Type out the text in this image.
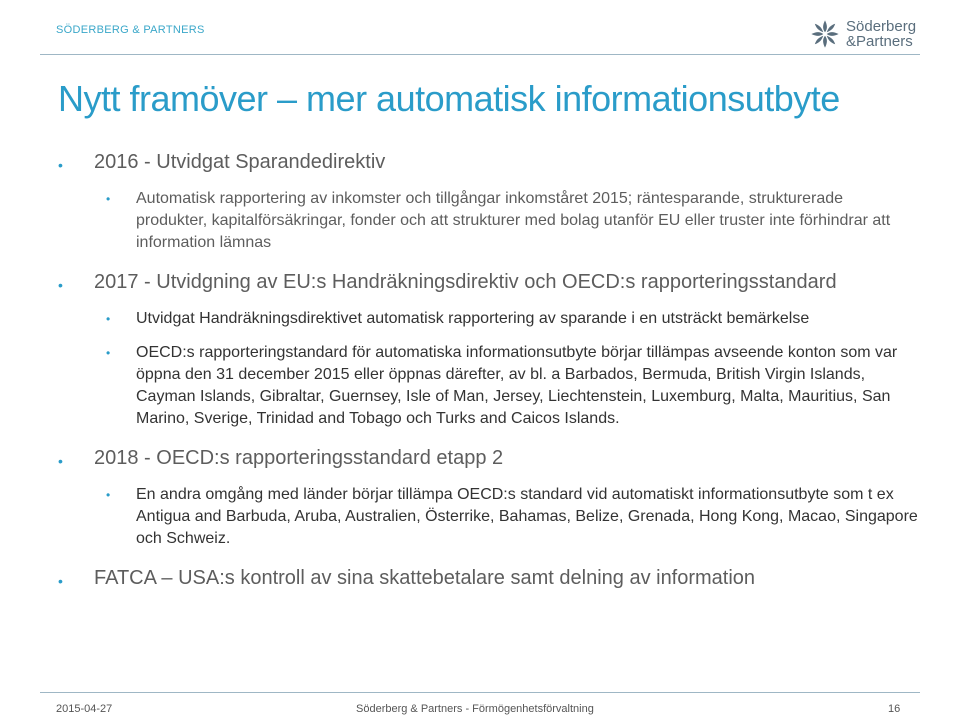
SÖDERBERG & PARTNERS	Söderberg
&Partners
Nytt framöver – mer automatisk informationsutbyte
• 2016 - Utvidgat Sparandedirektiv
• Automatisk rapportering av inkomster och tillgångar inkomståret 2015; räntesparande, strukturerade produkter, kapitalförsäkringar, fonder och att strukturer med bolag utanför EU eller truster inte förhindrar att information lämnas
• 2017 - Utvidgning av EU:s Handräkningsdirektiv och OECD:s rapporteringsstandard
• Utvidgat Handräkningsdirektivet automatisk rapportering av sparande i en utsträckt bemärkelse
• OECD:s rapporteringstandard för automatiska informationsutbyte börjar tillämpas avseende konton som var öppna den 31 december 2015 eller öppnas därefter, av bl. a Barbados, Bermuda, British Virgin Islands, Cayman Islands, Gibraltar, Guernsey, Isle of Man, Jersey, Liechtenstein, Luxemburg, Malta, Mauritius, San Marino, Sverige, Trinidad and Tobago och Turks and Caicos Islands.
• 2018 - OECD:s rapporteringsstandard etapp 2
• En andra omgång med länder börjar tillämpa OECD:s standard vid automatiskt informationsutbyte som t ex Antigua and Barbuda, Aruba, Australien, Österrike, Bahamas, Belize, Grenada, Hong Kong, Macao, Singapore och Schweiz.
• FATCA – USA:s kontroll av sina skattebetalare samt delning av information
2015-04-27	Söderberg & Partners - Förmögenhetsförvaltning	16
